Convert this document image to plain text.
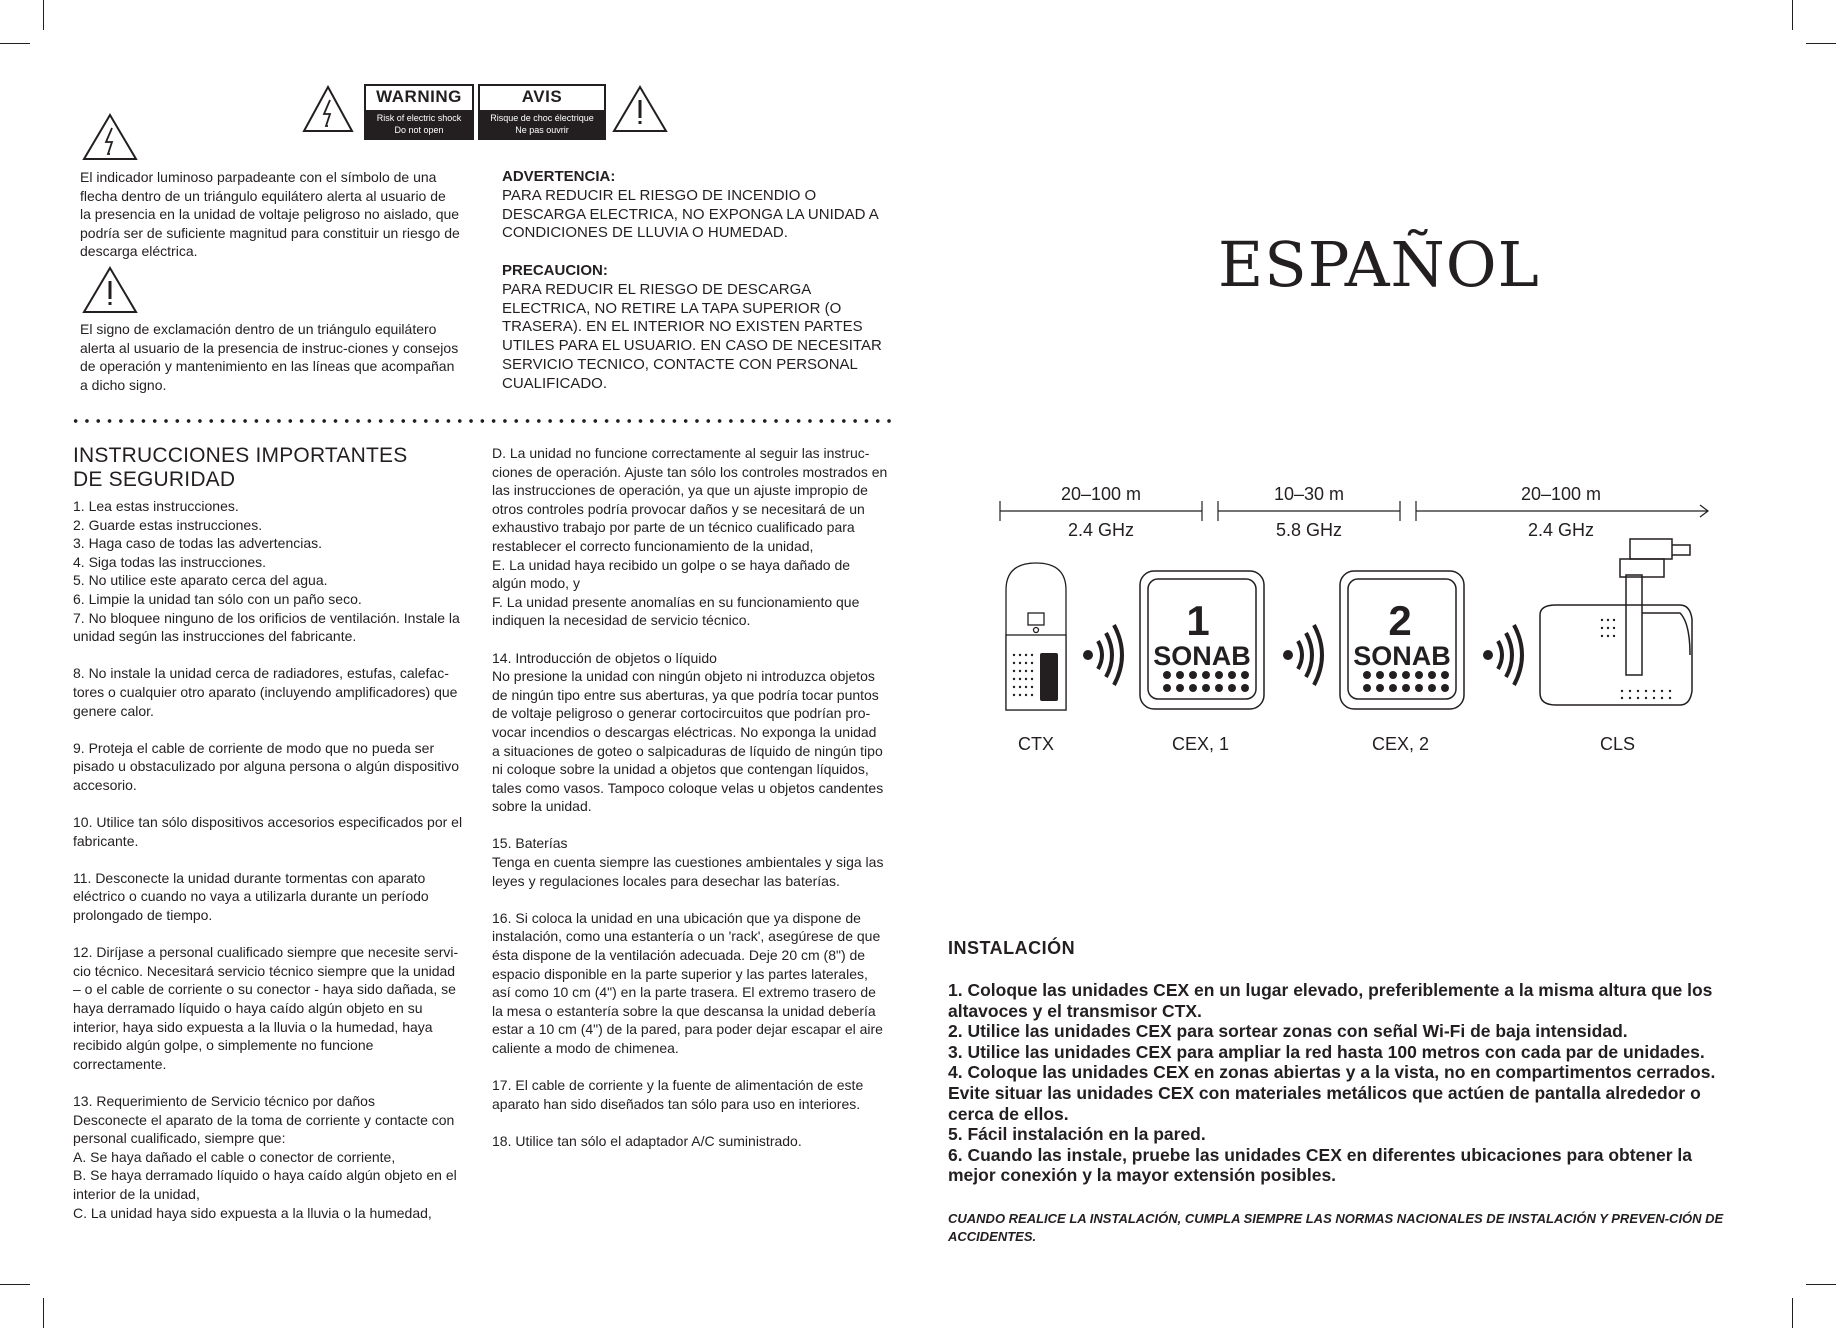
WARNING
Risk of electric shock
Do not open
AVIS
Risque de choc électrique
Ne pas ouvrir
El indicador luminoso parpadeante con el símbolo de una flecha dentro de un triángulo equilátero alerta al usuario de la presencia en la unidad de voltaje peligroso no aislado, que podría ser de suficiente magnitud para constituir un riesgo de descarga eléctrica.
El signo de exclamación dentro de un triángulo equilátero alerta al usuario de la presencia de instruc-ciones y consejos de operación y mantenimiento en las líneas que acompañan a dicho signo.
ADVERTENCIA:
PARA REDUCIR EL RIESGO DE INCENDIO O DESCARGA ELECTRICA, NO EXPONGA LA UNIDAD A CONDICIONES DE LLUVIA O HUMEDAD.
PRECAUCION:
PARA REDUCIR EL RIESGO DE DESCARGA ELECTRICA, NO RETIRE LA TAPA SUPERIOR (O TRASERA). EN EL INTERIOR NO EXISTEN PARTES UTILES PARA EL USUARIO. EN CASO DE NECESITAR SERVICIO TECNICO, CONTACTE CON PERSONAL CUALIFICADO.
INSTRUCCIONES IMPORTANTES
DE SEGURIDAD
1. Lea estas instrucciones.
2. Guarde estas instrucciones.
3. Haga caso de todas las advertencias.
4. Siga todas las instrucciones.
5. No utilice este aparato cerca del agua.
6. Limpie la unidad tan sólo con un paño seco.
7. No bloquee ninguno de los orificios de ventilación. Instale la unidad según las instrucciones del fabricante.
8. No instale la unidad cerca de radiadores, estufas, calefac-tores o cualquier otro aparato (incluyendo amplificadores) que genere calor.
9. Proteja el cable de corriente de modo que no pueda ser pisado u obstaculizado por alguna persona o algún dispositivo accesorio.
10. Utilice tan sólo dispositivos accesorios especificados por el fabricante.
11. Desconecte la unidad durante tormentas con aparato eléctrico o cuando no vaya a utilizarla durante un período prolongado de tiempo.
12. Diríjase a personal cualificado siempre que necesite servi-cio técnico. Necesitará servicio técnico siempre que la unidad – o el cable de corriente o su conector - haya sido dañada, se haya derramado líquido o haya caído algún objeto en su interior, haya sido expuesta a la lluvia o la humedad, haya recibido algún golpe, o simplemente no funcione correctamente.
13. Requerimiento de Servicio técnico por daños
Desconecte el aparato de la toma de corriente y contacte con personal cualificado, siempre que:
A. Se haya dañado el cable o conector de corriente,
B. Se haya derramado líquido o haya caído algún objeto en el interior de la unidad,
C. La unidad haya sido expuesta a la lluvia o la humedad,
D. La unidad no funcione correctamente al seguir las instruc-ciones de operación. Ajuste tan sólo los controles mostrados en las instrucciones de operación, ya que un ajuste impropio de otros controles podría provocar daños y se necesitará de un exhaustivo trabajo por parte de un técnico cualificado para restablecer el correcto funcionamiento de la unidad,
E. La unidad haya recibido un golpe o se haya dañado de algún modo, y
F. La unidad presente anomalías en su funcionamiento que indiquen la necesidad de servicio técnico.
14. Introducción de objetos o líquido
No presione la unidad con ningún objeto ni introduzca objetos de ningún tipo entre sus aberturas, ya que podría tocar puntos de voltaje peligroso o generar cortocircuitos que podrían pro-vocar incendios o descargas eléctricas. No exponga la unidad a situaciones de goteo o salpicaduras de líquido de ningún tipo ni coloque sobre la unidad a objetos que contengan líquidos, tales como vasos. Tampoco coloque velas u objetos candentes sobre la unidad.
15. Baterías
Tenga en cuenta siempre las cuestiones ambientales y siga las leyes y regulaciones locales para desechar las baterías.
16. Si coloca la unidad en una ubicación que ya dispone de instalación, como una estantería o un 'rack', asegúrese de que ésta dispone de la ventilación adecuada. Deje 20 cm (8") de espacio disponible en la parte superior y las partes laterales, así como 10 cm (4") en la parte trasera. El extremo trasero de la mesa o estantería sobre la que descansa la unidad debería estar a 10 cm (4") de la pared, para poder dejar escapar el aire caliente a modo de chimenea.
17. El cable de corriente y la fuente de alimentación de este aparato han sido diseñados tan sólo para uso en interiores.
18. Utilice tan sólo el adaptador A/C suministrado.
ESPAÑOL
20–100 m
2.4 GHz
10–30 m
5.8 GHz
20–100 m
2.4 GHz
1
SONAB
2
SONAB
CTX	CEX, 1	CEX, 2	CLS
INSTALACIÓN
1. Coloque las unidades CEX en un lugar elevado, preferiblemente a la misma altura que los altavoces y el transmisor CTX.
2. Utilice las unidades CEX para sortear zonas con señal Wi-Fi de baja intensidad.
3. Utilice las unidades CEX para ampliar la red hasta 100 metros con cada par de unidades.
4. Coloque las unidades CEX en zonas abiertas y a la vista, no en compartimentos cerrados. Evite situar las unidades CEX con materiales metálicos que actúen de pantalla alrededor o cerca de ellos.
5. Fácil instalación en la pared.
6. Cuando las instale, pruebe las unidades CEX en diferentes ubicaciones para obtener la mejor conexión y la mayor extensión posibles.
CUANDO REALICE LA INSTALACIÓN, CUMPLA SIEMPRE LAS NORMAS NACIONALES DE INSTALACIÓN Y PREVEN-CIÓN DE ACCIDENTES.
